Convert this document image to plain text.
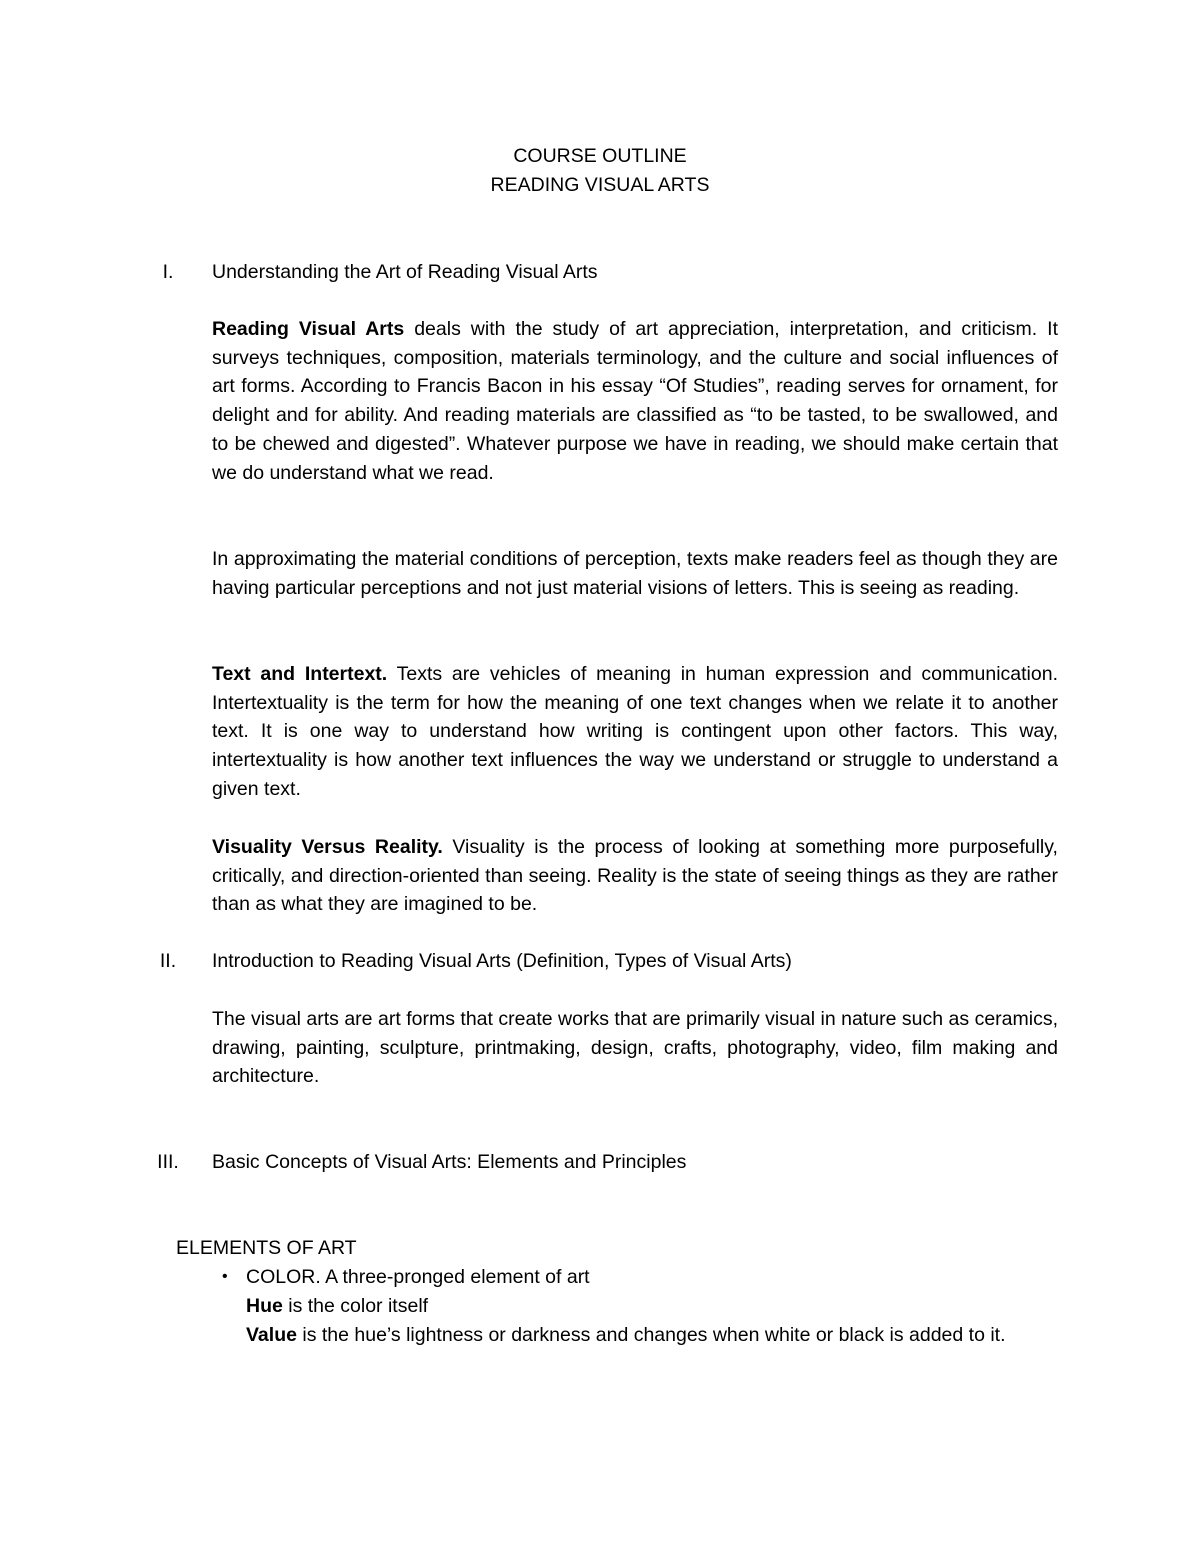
COURSE OUTLINE
READING VISUAL ARTS
I.	Understanding the Art of Reading Visual Arts
Reading Visual Arts deals with the study of art appreciation, interpretation, and criticism. It surveys techniques, composition, materials terminology, and the culture and social influences of art forms. According to Francis Bacon in his essay “Of Studies”, reading serves for ornament, for delight and for ability. And reading materials are classified as “to be tasted, to be swallowed, and to be chewed and digested”. Whatever purpose we have in reading, we should make certain that we do understand what we read.
In approximating the material conditions of perception, texts make readers feel as though they are having particular perceptions and not just material visions of letters. This is seeing as reading.
Text and Intertext. Texts are vehicles of meaning in human expression and communication. Intertextuality is the term for how the meaning of one text changes when we relate it to another text. It is one way to understand how writing is contingent upon other factors. This way, intertextuality is how another text influences the way we understand or struggle to understand a given text.
Visuality Versus Reality. Visuality is the process of looking at something more purposefully, critically, and direction-oriented than seeing. Reality is the state of seeing things as they are rather than as what they are imagined to be.
II.	Introduction to Reading Visual Arts (Definition, Types of Visual Arts)
The visual arts are art forms that create works that are primarily visual in nature such as ceramics, drawing, painting, sculpture, printmaking, design, crafts, photography, video, film making and architecture.
III.	Basic Concepts of Visual Arts: Elements and Principles
ELEMENTS OF ART
• COLOR. A three-pronged element of art
Hue is the color itself
Value is the hue’s lightness or darkness and changes when white or black is added to it.
